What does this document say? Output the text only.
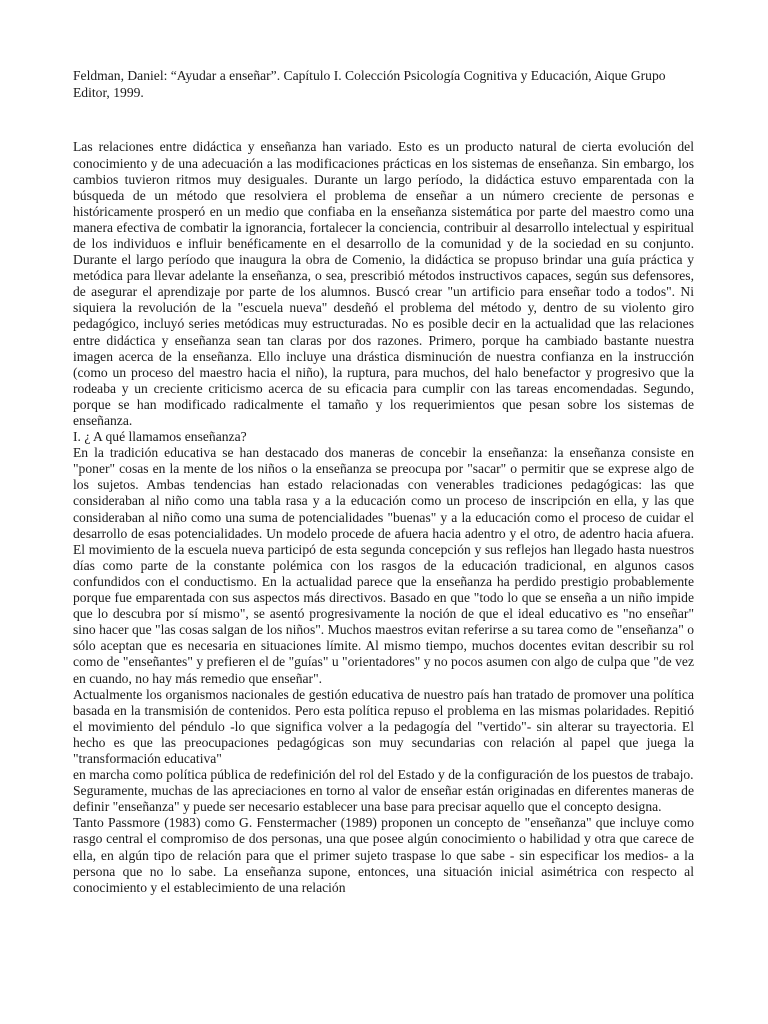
Feldman, Daniel: “Ayudar a enseñar”. Capítulo I. Colección Psicología Cognitiva y Educación, Aique Grupo Editor, 1999.

Las relaciones entre didáctica y enseñanza han variado. Esto es un producto natural de cierta evolución del conocimiento y de una adecuación a las modificaciones prácticas en los sistemas de enseñanza. Sin embargo, los cambios tuvieron ritmos muy desiguales. Durante un largo período, la didáctica estuvo emparentada con la búsqueda de un método que resolviera el problema de enseñar a un número creciente de personas e históricamente prosperó en un medio que confiaba en la enseñanza sistemática por parte del maestro como una manera efectiva de combatir la ignorancia, fortalecer la conciencia, contribuir al desarrollo intelectual y espiritual de los individuos e influir benéficamente en el desarrollo de la comunidad y de la sociedad en su conjunto. Durante el largo período que inaugura la obra de Comenio, la didáctica se propuso brindar una guía práctica y metódica para llevar adelante la enseñanza, o sea, prescribió métodos instructivos capaces, según sus defensores, de asegurar el aprendizaje por parte de los alumnos. Buscó crear "un artificio para enseñar todo a todos". Ni siquiera la revolución de la "escuela nueva" desdeñó el problema del método y, dentro de su violento giro pedagógico, incluyó series metódicas muy estructuradas. No es posible decir en la actualidad que las relaciones entre didáctica y enseñanza sean tan claras por dos razones. Primero, porque ha cambiado bastante nuestra imagen acerca de la enseñanza. Ello incluye una drástica disminución de nuestra confianza en la instrucción (como un proceso del maestro hacia el niño), la ruptura, para muchos, del halo benefactor y progresivo que la rodeaba y un creciente criticismo acerca de su eficacia para cumplir con las tareas encomendadas. Segundo, porque se han modificado radicalmente el tamaño y los requerimientos que pesan sobre los sistemas de enseñanza.

I. ¿ A qué llamamos enseñanza?

En la tradición educativa se han destacado dos maneras de concebir la enseñanza: la enseñanza consiste en "poner" cosas en la mente de los niños o la enseñanza se preocupa por "sacar" o permitir que se exprese algo de los sujetos. Ambas tendencias han estado relacionadas con venerables tradiciones pedagógicas: las que consideraban al niño como una tabla rasa y a la educación como un proceso de inscripción en ella, y las que consideraban al niño como una suma de potencialidades "buenas" y a la educación como el proceso de cuidar el desarrollo de esas potencialidades. Un modelo procede de afuera hacia adentro y el otro, de adentro hacia afuera. El movimiento de la escuela nueva participó de esta segunda concepción y sus reflejos han llegado hasta nuestros días como parte de la constante polémica con los rasgos de la educación tradicional, en algunos casos confundidos con el conductismo. En la actualidad parece que la enseñanza ha perdido prestigio probablemente porque fue emparentada con sus aspectos más directivos. Basado en que "todo lo que se enseña a un niño impide que lo descubra por sí mismo", se asentó progresivamente la noción de que el ideal educativo es "no enseñar" sino hacer que "las cosas salgan de los niños". Muchos maestros evitan referirse a su tarea como de "enseñanza" o sólo aceptan que es necesaria en situaciones límite. Al mismo tiempo, muchos docentes evitan describir su rol como de "enseñantes" y prefieren el de "guías" u "orientadores" y no pocos asumen con algo de culpa que "de vez en cuando, no hay más remedio que enseñar".

Actualmente los organismos nacionales de gestión educativa de nuestro país han tratado de promover una política basada en la transmisión de contenidos. Pero esta política repuso el problema en las mismas polaridades. Repitió el movimiento del péndulo -lo que significa volver a la pedagogía del "vertido"- sin alterar su trayectoria. El hecho es que las preocupaciones pedagógicas son muy secundarias con relación al papel que juega la "transformación educativa"

en marcha como política pública de redefinición del rol del Estado y de la configuración de los puestos de trabajo.

Seguramente, muchas de las apreciaciones en torno al valor de enseñar están originadas en diferentes maneras de definir "enseñanza" y puede ser necesario establecer una base para precisar aquello que el concepto designa.

Tanto Passmore (1983) como G. Fenstermacher (1989) proponen un concepto de "enseñanza" que incluye como rasgo central el compromiso de dos personas, una que posee algún conocimiento o habilidad y otra que carece de ella, en algún tipo de relación para que el primer sujeto traspase lo que sabe - sin especificar los medios- a la persona que no lo sabe. La enseñanza supone, entonces, una situación inicial asimétrica con respecto al conocimiento y el establecimiento de una relación
